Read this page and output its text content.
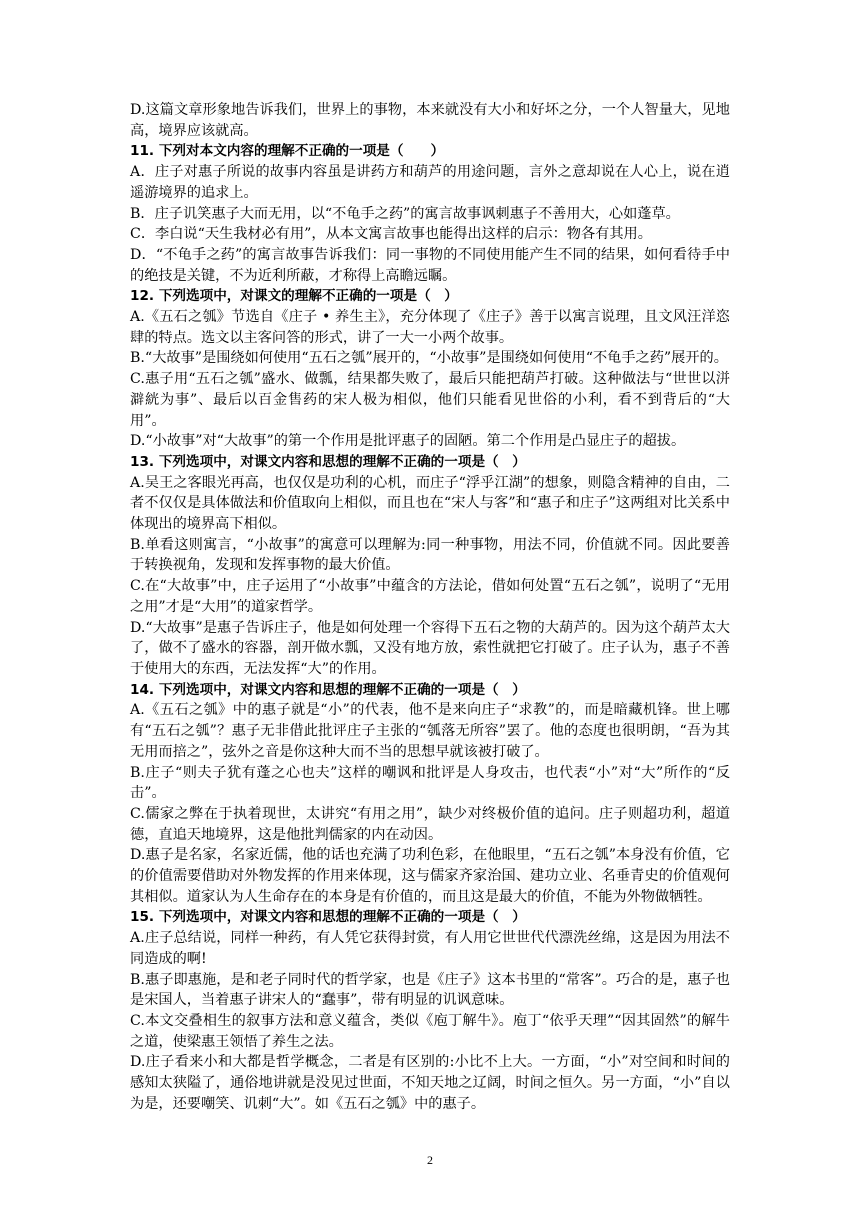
D.这篇文章形象地告诉我们，世界上的事物，本来就没有大小和好坏之分，一个人智量大，见地高，境界应该就高。

11. 下列对本文内容的理解不正确的一项是（　　）

A．庄子对惠子所说的故事内容虽是讲药方和葫芦的用途问题，言外之意却说在人心上，说在逍遥游境界的追求上。

B．庄子讥笑惠子大而无用，以“不龟手之药”的寓言故事讽刺惠子不善用大，心如蓬草。

C．李白说“天生我材必有用”，从本文寓言故事也能得出这样的启示：物各有其用。

D．“不龟手之药”的寓言故事告诉我们：同一事物的不同使用能产生不同的结果，如何看待手中的绝技是关键，不为近利所蔽，才称得上高瞻远瞩。

12. 下列选项中，对课文的理解不正确的一项是（　）

A.《五石之瓠》节选自《庄子 • 养生主》，充分体现了《庄子》善于以寓言说理，且文风汪洋恣肆的特点。选文以主客问答的形式，讲了一大一小两个故事。

B.“大故事”是围绕如何使用“五石之瓠”展开的，“小故事”是围绕如何使用“不龟手之药”展开的。

C.惠子用“五石之瓠”盛水、做瓢，结果都失败了，最后只能把葫芦打破。这种做法与“世世以洴澼絖为事”、最后以百金售药的宋人极为相似，他们只能看见世俗的小利，看不到背后的“大用”。

D.“小故事”对“大故事”的第一个作用是批评惠子的固陋。第二个作用是凸显庄子的超拔。

13. 下列选项中，对课文内容和思想的理解不正确的一项是（　）

A.吴王之客眼光再高，也仅仅是功利的心机，而庄子“浮乎江湖”的想象，则隐含精神的自由，二者不仅仅是具体做法和价值取向上相似，而且也在“宋人与客”和“惠子和庄子”这两组对比关系中体现出的境界高下相似。

B.单看这则寓言，“小故事”的寓意可以理解为:同一种事物，用法不同，价值就不同。因此要善于转换视角，发现和发挥事物的最大价值。

C.在“大故事”中，庄子运用了“小故事”中蕴含的方法论，借如何处置“五石之瓠”，说明了“无用之用”才是“大用”的道家哲学。

D.“大故事”是惠子告诉庄子，他是如何处理一个容得下五石之物的大葫芦的。因为这个葫芦太大了，做不了盛水的容器，剖开做水瓢，又没有地方放，索性就把它打破了。庄子认为，惠子不善于使用大的东西，无法发挥“大”的作用。

14. 下列选项中，对课文内容和思想的理解不正确的一项是（　）

A.《五石之瓠》中的惠子就是“小”的代表，他不是来向庄子“求教”的，而是暗藏机锋。世上哪有“五石之瓠”？惠子无非借此批评庄子主张的“瓠落无所容”罢了。他的态度也很明朗，“吾为其无用而掊之”，弦外之音是你这种大而不当的思想早就该被打破了。

B.庄子“则夫子犹有蓬之心也夫”这样的嘲讽和批评是人身攻击，也代表“小”对“大”所作的“反击”。

C.儒家之弊在于执着现世，太讲究“有用之用”，缺少对终极价值的追问。庄子则超功利，超道德，直追天地境界，这是他批判儒家的内在动因。

D.惠子是名家，名家近儒，他的话也充满了功利色彩，在他眼里，“五石之瓠”本身没有价值，它的价值需要借助对外物发挥的作用来体现，这与儒家齐家治国、建功立业、名垂青史的价值观何其相似。道家认为人生命存在的本身是有价值的，而且这是最大的价值，不能为外物做牺牲。

15. 下列选项中，对课文内容和思想的理解不正确的一项是（　）

A.庄子总结说，同样一种药，有人凭它获得封赏，有人用它世世代代漂洗丝绵，这是因为用法不同造成的啊!

B.惠子即惠施，是和老子同时代的哲学家，也是《庄子》这本书里的“常客”。巧合的是，惠子也是宋国人，当着惠子讲宋人的“蠢事”，带有明显的讥讽意味。

C.本文交叠相生的叙事方法和意义蕴含，类似《庖丁解牛》。庖丁“依乎天理”“因其固然”的解牛之道，使梁惠王领悟了养生之法。

D.庄子看来小和大都是哲学概念，二者是有区别的:小比不上大。一方面，“小”对空间和时间的感知太狭隘了，通俗地讲就是没见过世面，不知天地之辽阔，时间之恒久。另一方面，“小”自以为是，还要嘲笑、讥刺“大”。如《五石之瓠》中的惠子。

2
